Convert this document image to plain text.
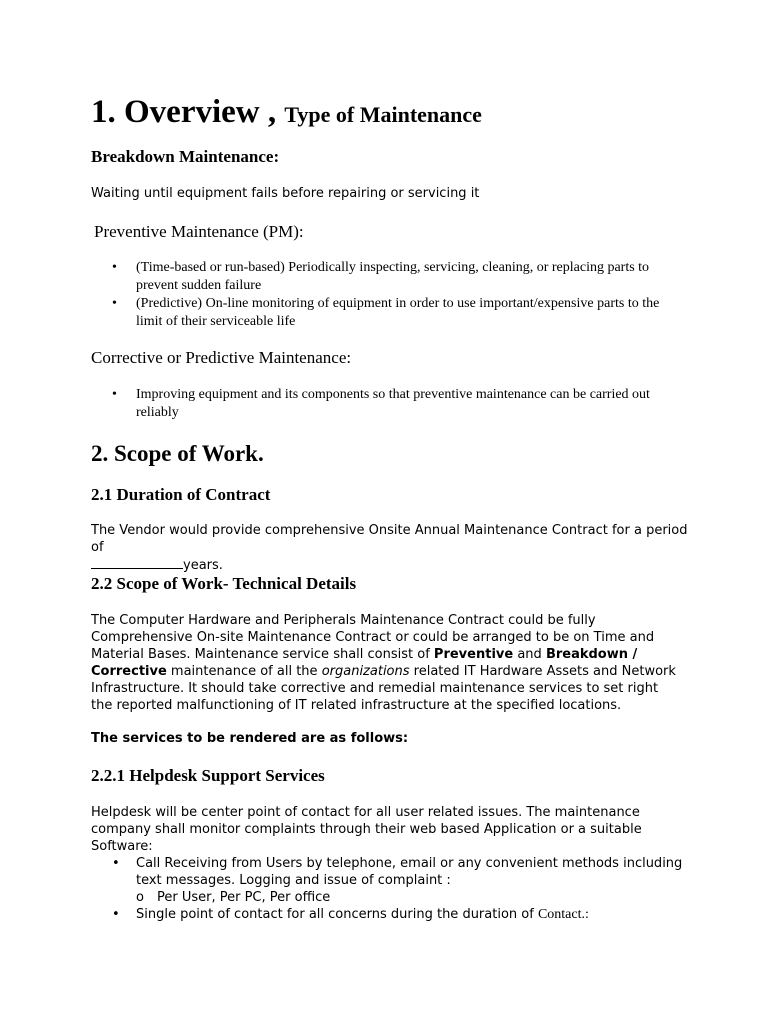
1. Overview , Type of Maintenance
Breakdown Maintenance:
Waiting until equipment fails before repairing or servicing it
Preventive Maintenance (PM):
• (Time-based or run-based) Periodically inspecting, servicing, cleaning, or replacing parts to prevent sudden failure
• (Predictive) On-line monitoring of equipment in order to use important/expensive parts to the limit of their serviceable life
Corrective or Predictive Maintenance:
• Improving equipment and its components so that preventive maintenance can be carried out reliably
2. Scope of Work.
2.1 Duration of Contract
The Vendor would provide comprehensive Onsite Annual Maintenance Contract for a period of
years.
2.2 Scope of Work- Technical Details
The Computer Hardware and Peripherals Maintenance Contract could be fully Comprehensive On-site Maintenance Contract or could be arranged to be on Time and Material Bases. Maintenance service shall consist of Preventive and Breakdown / Corrective maintenance of all the organizations related IT Hardware Assets and Network Infrastructure. It should take corrective and remedial maintenance services to set right the reported malfunctioning of IT related infrastructure at the specified locations.
The services to be rendered are as follows:
2.2.1 Helpdesk Support Services
Helpdesk will be center point of contact for all user related issues. The maintenance company shall monitor complaints through their web based Application or a suitable Software:
• Call Receiving from Users by telephone, email or any convenient methods including text messages. Logging and issue of complaint :
o Per User, Per PC, Per office
• Single point of contact for all concerns during the duration of Contact.:
